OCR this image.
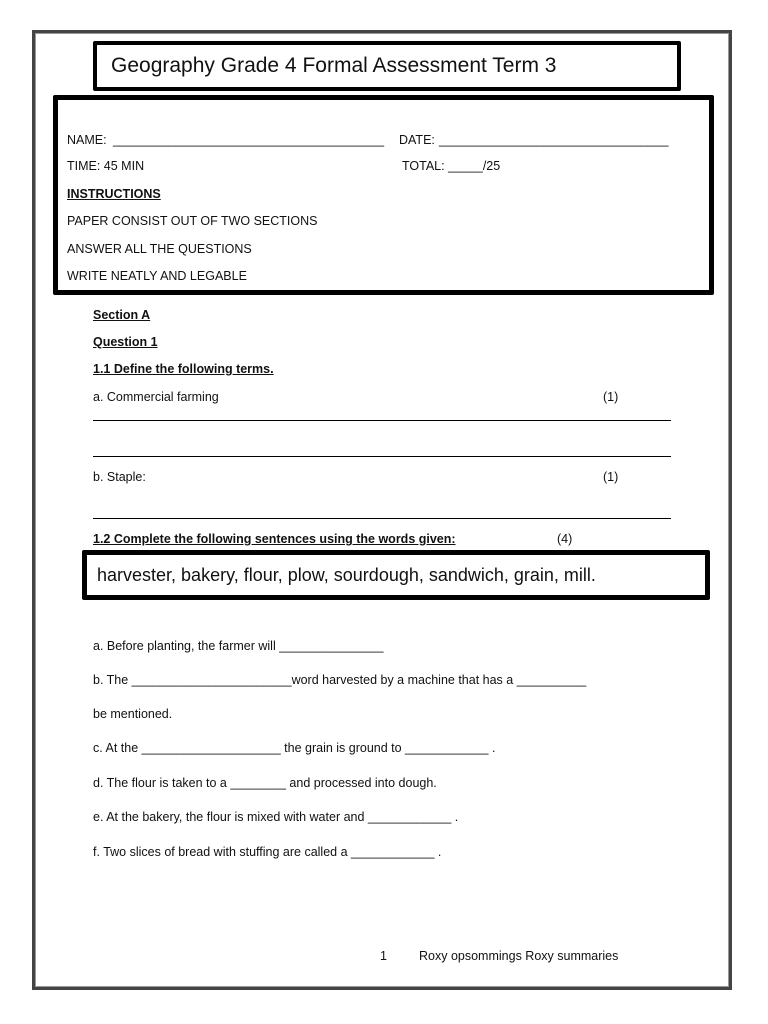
Geography Grade 4 Formal Assessment Term 3
NAME: _______________________________________ DATE: _________________________________
TIME: 45 MIN	TOTAL: _____/25
INSTRUCTIONS
PAPER CONSIST OUT OF TWO SECTIONS
ANSWER ALL THE QUESTIONS
WRITE NEATLY AND LEGABLE
Section A
Question 1
1.1 Define the following terms.
a. Commercial farming	(1)
b. Staple:	(1)
1.2 Complete the following sentences using the words given:	(4)
harvester, bakery, flour, plow, sourdough, sandwich, grain, mill.
a. Before planting, the farmer will _______________
b. The _______________________word harvested by a machine that has a __________
be mentioned.
c. At the ____________________ the grain is ground to ____________ .
d. The flour is taken to a ________ and processed into dough.
e. At the bakery, the flour is mixed with water and ____________ .
f. Two slices of bread with stuffing are called a ____________ .
1	Roxy opsommings Roxy summaries
